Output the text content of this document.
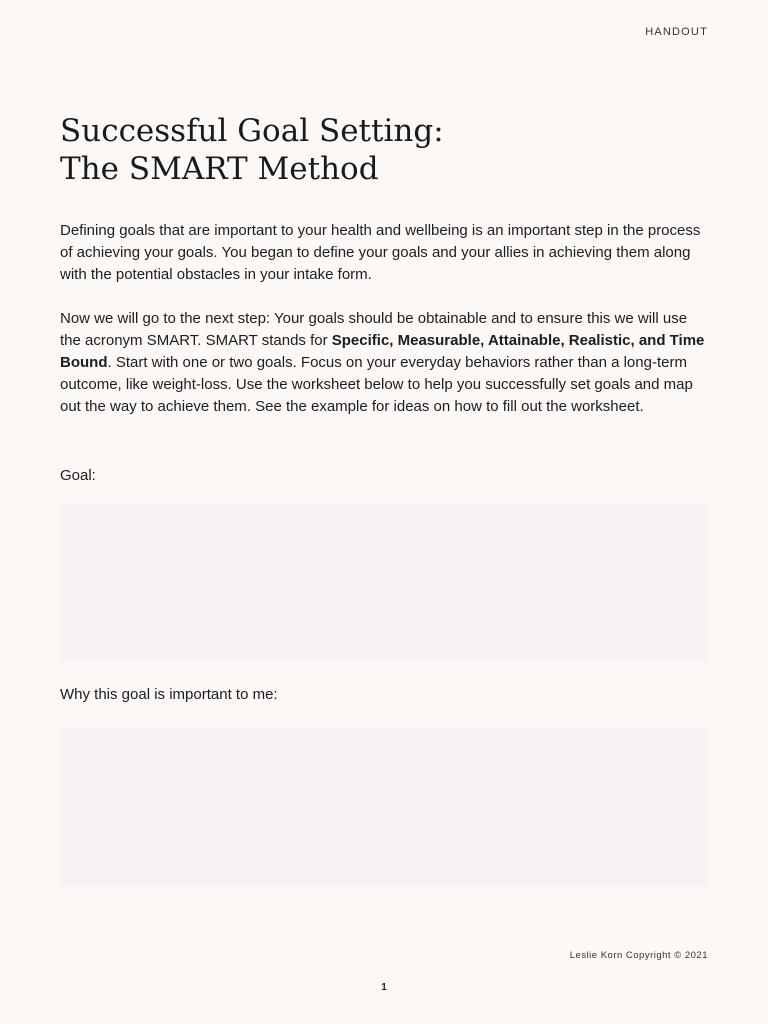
HANDOUT
Successful Goal Setting:
The SMART Method

Defining goals that are important to your health and wellbeing is an important step in the process of achieving your goals. You began to define your goals and your allies in achieving them along with the potential obstacles in your intake form.

Now we will go to the next step: Your goals should be obtainable and to ensure this we will use the acronym SMART. SMART stands for Specific, Measurable, Attainable, Realistic, and Time Bound. Start with one or two goals. Focus on your everyday behaviors rather than a long-term outcome, like weight-loss. Use the worksheet below to help you successfully set goals and map out the way to achieve them. See the example for ideas on how to fill out the worksheet.

Goal:
Why this goal is important to me:
Leslie Korn Copyright © 2021
1
